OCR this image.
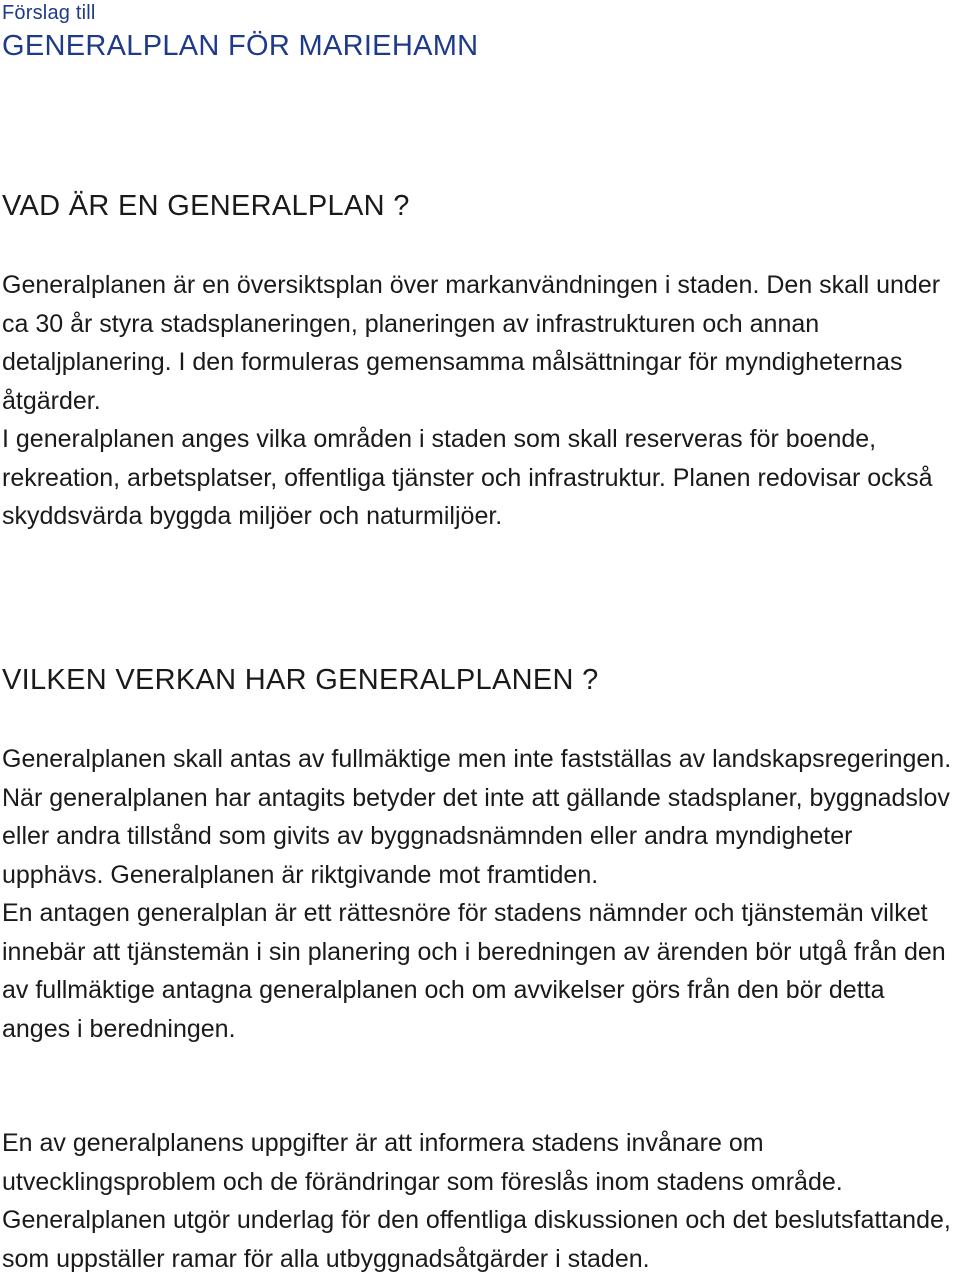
Förslag till
GENERALPLAN FÖR MARIEHAMN
VAD ÄR EN GENERALPLAN ?

Generalplanen är en översiktsplan över markanvändningen i staden. Den skall under ca 30 år styra stadsplaneringen, planeringen av infrastrukturen och annan detaljplanering. I den formuleras gemensamma målsättningar för myndigheternas åtgärder.

I generalplanen anges vilka områden i staden som skall reserveras för boende, rekreation, arbetsplatser, offentliga tjänster och infrastruktur. Planen redovisar också skyddsvärda byggda miljöer och naturmiljöer.

VILKEN VERKAN HAR GENERALPLANEN ?

Generalplanen skall antas av fullmäktige men inte fastställas av landskapsregeringen.

När generalplanen har antagits betyder det inte att gällande stadsplaner, byggnadslov eller andra tillstånd som givits av byggnadsnämnden eller andra myndigheter upphävs. Generalplanen är riktgivande mot framtiden.

En antagen generalplan är ett rättesnöre för stadens nämnder och tjänstemän vilket innebär att tjänstemän i sin planering och i beredningen av ärenden bör utgå från den av fullmäktige antagna generalplanen och om avvikelser görs från den bör detta anges i beredningen.

En av generalplanens uppgifter är att informera stadens invånare om utvecklingsproblem och de förändringar som föreslås inom stadens område. Generalplanen utgör underlag för den offentliga diskussionen och det beslutsfattande, som uppställer ramar för alla utbyggnadsåtgärder i staden.
